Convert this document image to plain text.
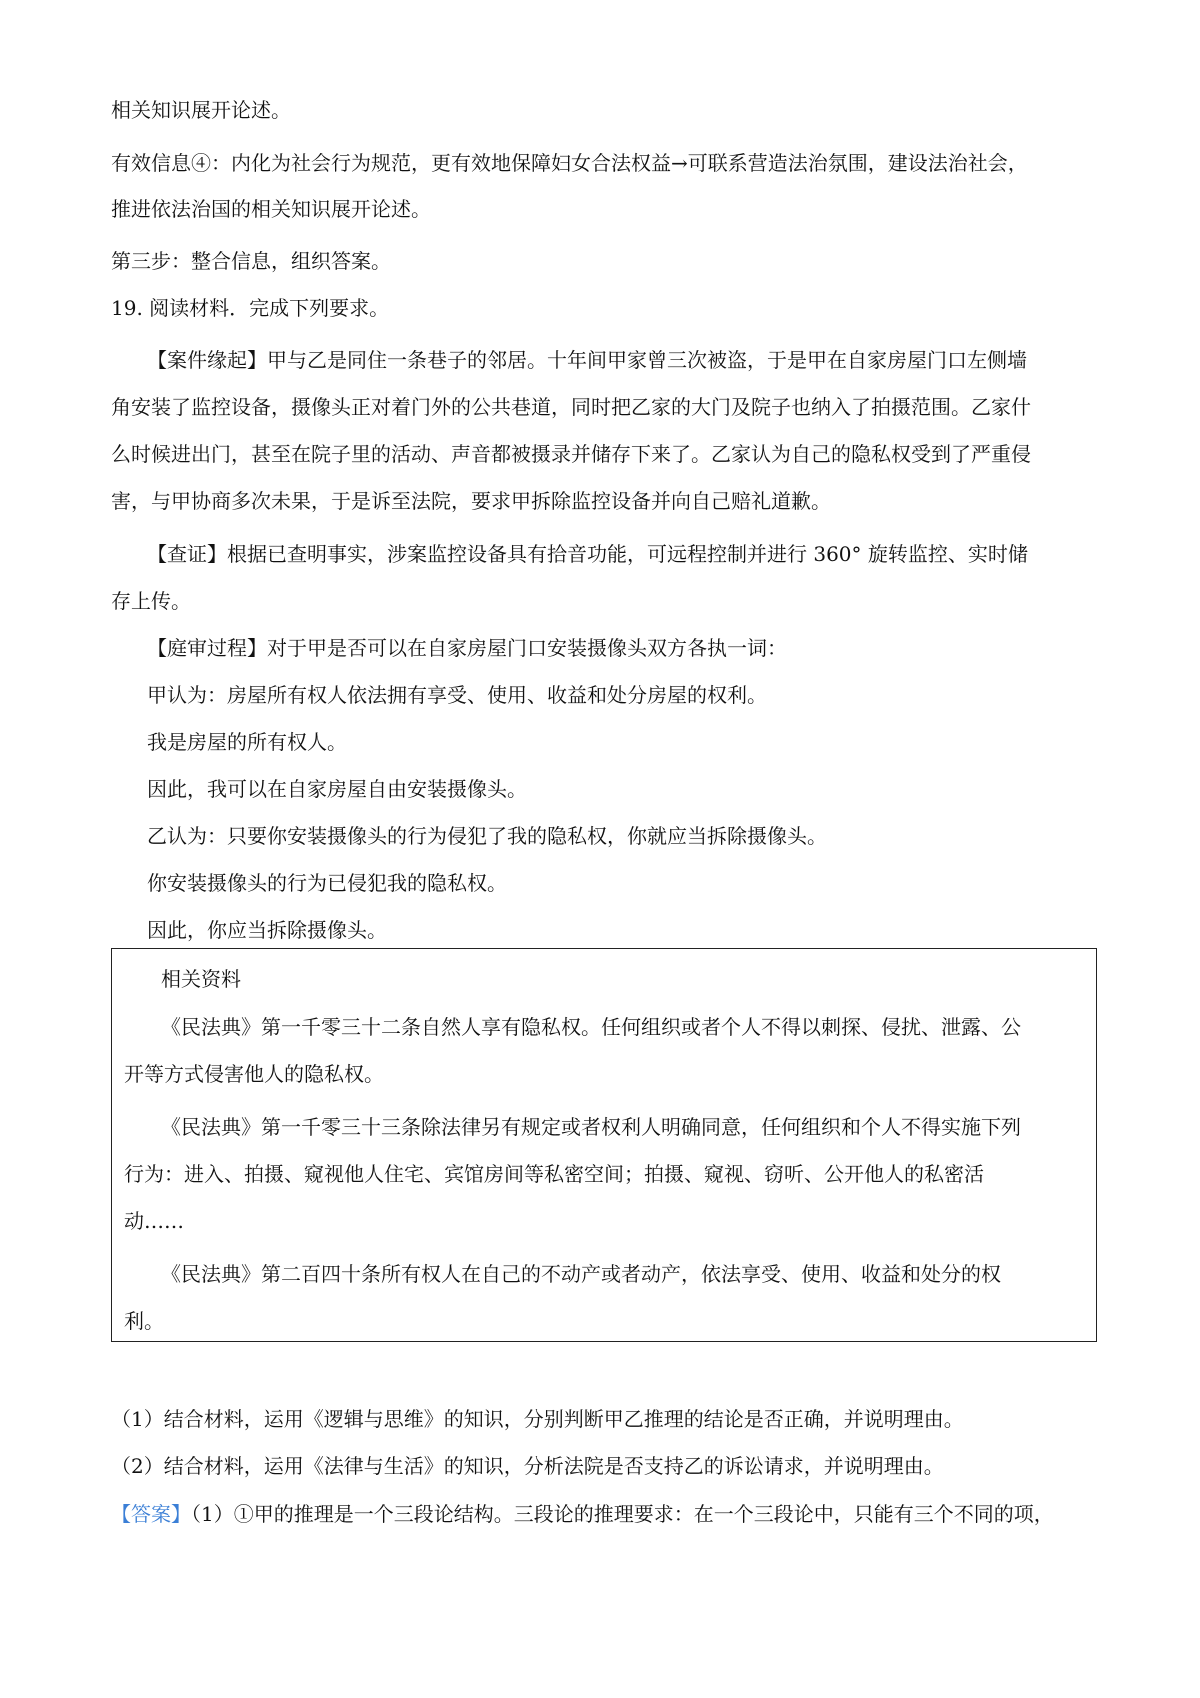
相关知识展开论述。
有效信息④：内化为社会行为规范，更有效地保障妇女合法权益→可联系营造法治氛围，建设法治社会，
推进依法治国的相关知识展开论述。
第三步：整合信息，组织答案。
19. 阅读材料．完成下列要求。
【案件缘起】甲与乙是同住一条巷子的邻居。十年间甲家曾三次被盗，于是甲在自家房屋门口左侧墙
角安装了监控设备，摄像头正对着门外的公共巷道，同时把乙家的大门及院子也纳入了拍摄范围。乙家什
么时候进出门，甚至在院子里的活动、声音都被摄录并储存下来了。乙家认为自己的隐私权受到了严重侵
害，与甲协商多次未果，于是诉至法院，要求甲拆除监控设备并向自己赔礼道歉。
【查证】根据已查明事实，涉案监控设备具有拾音功能，可远程控制并进行 360° 旋转监控、实时储
存上传。
【庭审过程】对于甲是否可以在自家房屋门口安装摄像头双方各执一词：
甲认为：房屋所有权人依法拥有享受、使用、收益和处分房屋的权利。
我是房屋的所有权人。
因此，我可以在自家房屋自由安装摄像头。
乙认为：只要你安装摄像头的行为侵犯了我的隐私权，你就应当拆除摄像头。
你安装摄像头的行为已侵犯我的隐私权。
因此，你应当拆除摄像头。
相关资料
《民法典》第一千零三十二条自然人享有隐私权。任何组织或者个人不得以刺探、侵扰、泄露、公
开等方式侵害他人的隐私权。
《民法典》第一千零三十三条除法律另有规定或者权利人明确同意，任何组织和个人不得实施下列
行为：进入、拍摄、窥视他人住宅、宾馆房间等私密空间；拍摄、窥视、窃听、公开他人的私密活
动……
《民法典》第二百四十条所有权人在自己的不动产或者动产，依法享受、使用、收益和处分的权
利。
（1）结合材料，运用《逻辑与思维》的知识，分别判断甲乙推理的结论是否正确，并说明理由。
（2）结合材料，运用《法律与生活》的知识，分析法院是否支持乙的诉讼请求，并说明理由。
【答案】（1）①甲的推理是一个三段论结构。三段论的推理要求：在一个三段论中，只能有三个不同的项，
